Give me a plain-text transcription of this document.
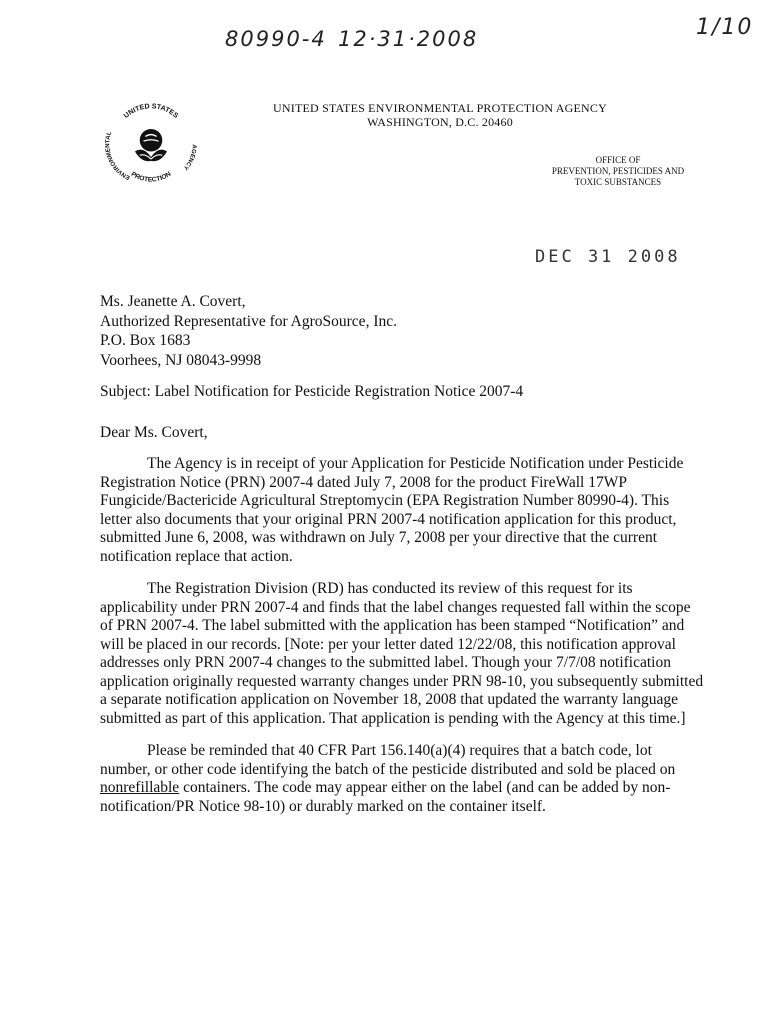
80990-4 12·31·2008	1/10
UNITED STATES
ENVIRONMENTAL
AGENCY
PROTECTION
UNITED STATES ENVIRONMENTAL PROTECTION AGENCY
WASHINGTON, D.C. 20460
OFFICE OF
PREVENTION, PESTICIDES AND
TOXIC SUBSTANCES
DEC 31 2008
Ms. Jeanette A. Covert,
Authorized Representative for AgroSource, Inc.
P.O. Box 1683
Voorhees, NJ 08043-9998
Subject: Label Notification for Pesticide Registration Notice 2007-4
Dear Ms. Covert,
The Agency is in receipt of your Application for Pesticide Notification under Pesticide
Registration Notice (PRN) 2007-4 dated July 7, 2008 for the product FireWall 17WP
Fungicide/Bactericide Agricultural Streptomycin (EPA Registration Number 80990-4). This
letter also documents that your original PRN 2007-4 notification application for this product,
submitted June 6, 2008, was withdrawn on July 7, 2008 per your directive that the current
notification replace that action.
The Registration Division (RD) has conducted its review of this request for its
applicability under PRN 2007-4 and finds that the label changes requested fall within the scope
of PRN 2007-4. The label submitted with the application has been stamped “Notification” and
will be placed in our records. [Note: per your letter dated 12/22/08, this notification approval
addresses only PRN 2007-4 changes to the submitted label. Though your 7/7/08 notification
application originally requested warranty changes under PRN 98-10, you subsequently submitted
a separate notification application on November 18, 2008 that updated the warranty language
submitted as part of this application. That application is pending with the Agency at this time.]
Please be reminded that 40 CFR Part 156.140(a)(4) requires that a batch code, lot
number, or other code identifying the batch of the pesticide distributed and sold be placed on
nonrefillable containers. The code may appear either on the label (and can be added by non-
notification/PR Notice 98-10) or durably marked on the container itself.
